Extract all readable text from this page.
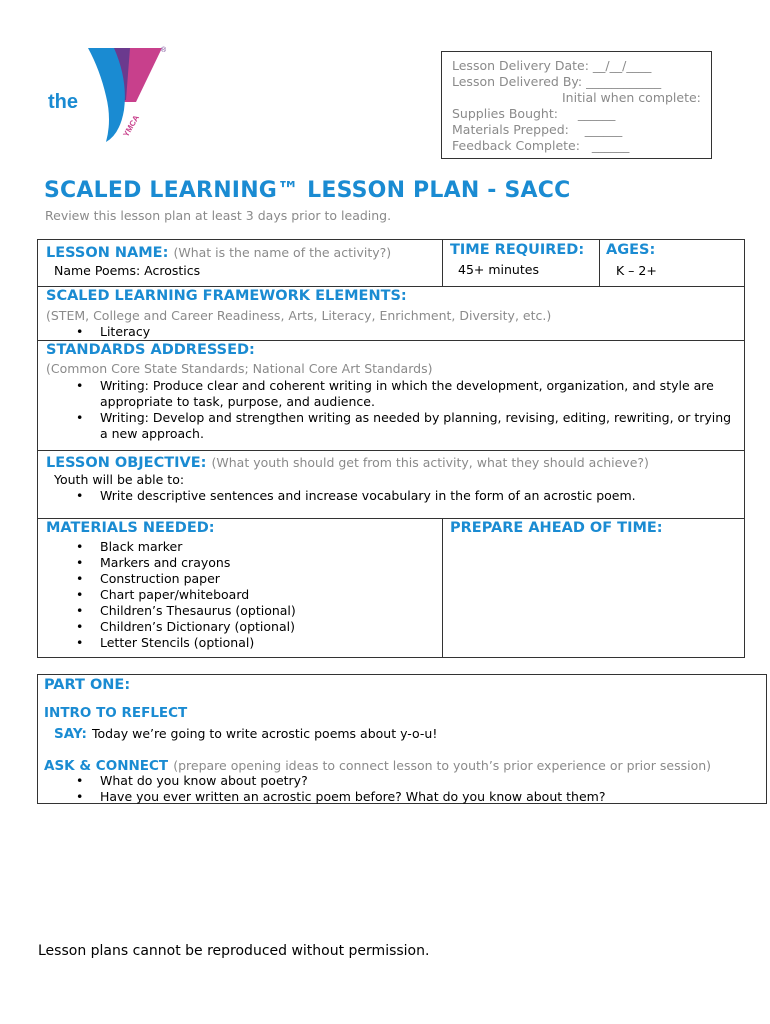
the
YMCA
®
Lesson Delivery Date: __/__/____
Lesson Delivered By: ____________
Initial when complete:
Supplies Bought:     ______
Materials Prepped:    ______
Feedback Complete:   ______
SCALED LEARNING™ LESSON PLAN - SACC
Review this lesson plan at least 3 days prior to leading.
LESSON NAME: (What is the name of the activity?)
Name Poems: Acrostics
TIME REQUIRED:
45+ minutes
AGES:
K – 2+
SCALED LEARNING FRAMEWORK ELEMENTS:
(STEM, College and Career Readiness, Arts, Literacy, Enrichment, Diversity, etc.)
• Literacy
STANDARDS ADDRESSED:
(Common Core State Standards; National Core Art Standards)
• Writing: Produce clear and coherent writing in which the development, organization, and style are appropriate to task, purpose, and audience.
• Writing: Develop and strengthen writing as needed by planning, revising, editing, rewriting, or trying a new approach.
LESSON OBJECTIVE: (What youth should get from this activity, what they should achieve?)
Youth will be able to:
• Write descriptive sentences and increase vocabulary in the form of an acrostic poem.
MATERIALS NEEDED:
• Black marker
• Markers and crayons
• Construction paper
• Chart paper/whiteboard
• Children’s Thesaurus (optional)
• Children’s Dictionary (optional)
• Letter Stencils (optional)
PREPARE AHEAD OF TIME:
PART ONE:
INTRO TO REFLECT
SAY: Today we’re going to write acrostic poems about y-o-u!
ASK & CONNECT (prepare opening ideas to connect lesson to youth’s prior experience or prior session)
• What do you know about poetry?
• Have you ever written an acrostic poem before? What do you know about them?
Lesson plans cannot be reproduced without permission.
